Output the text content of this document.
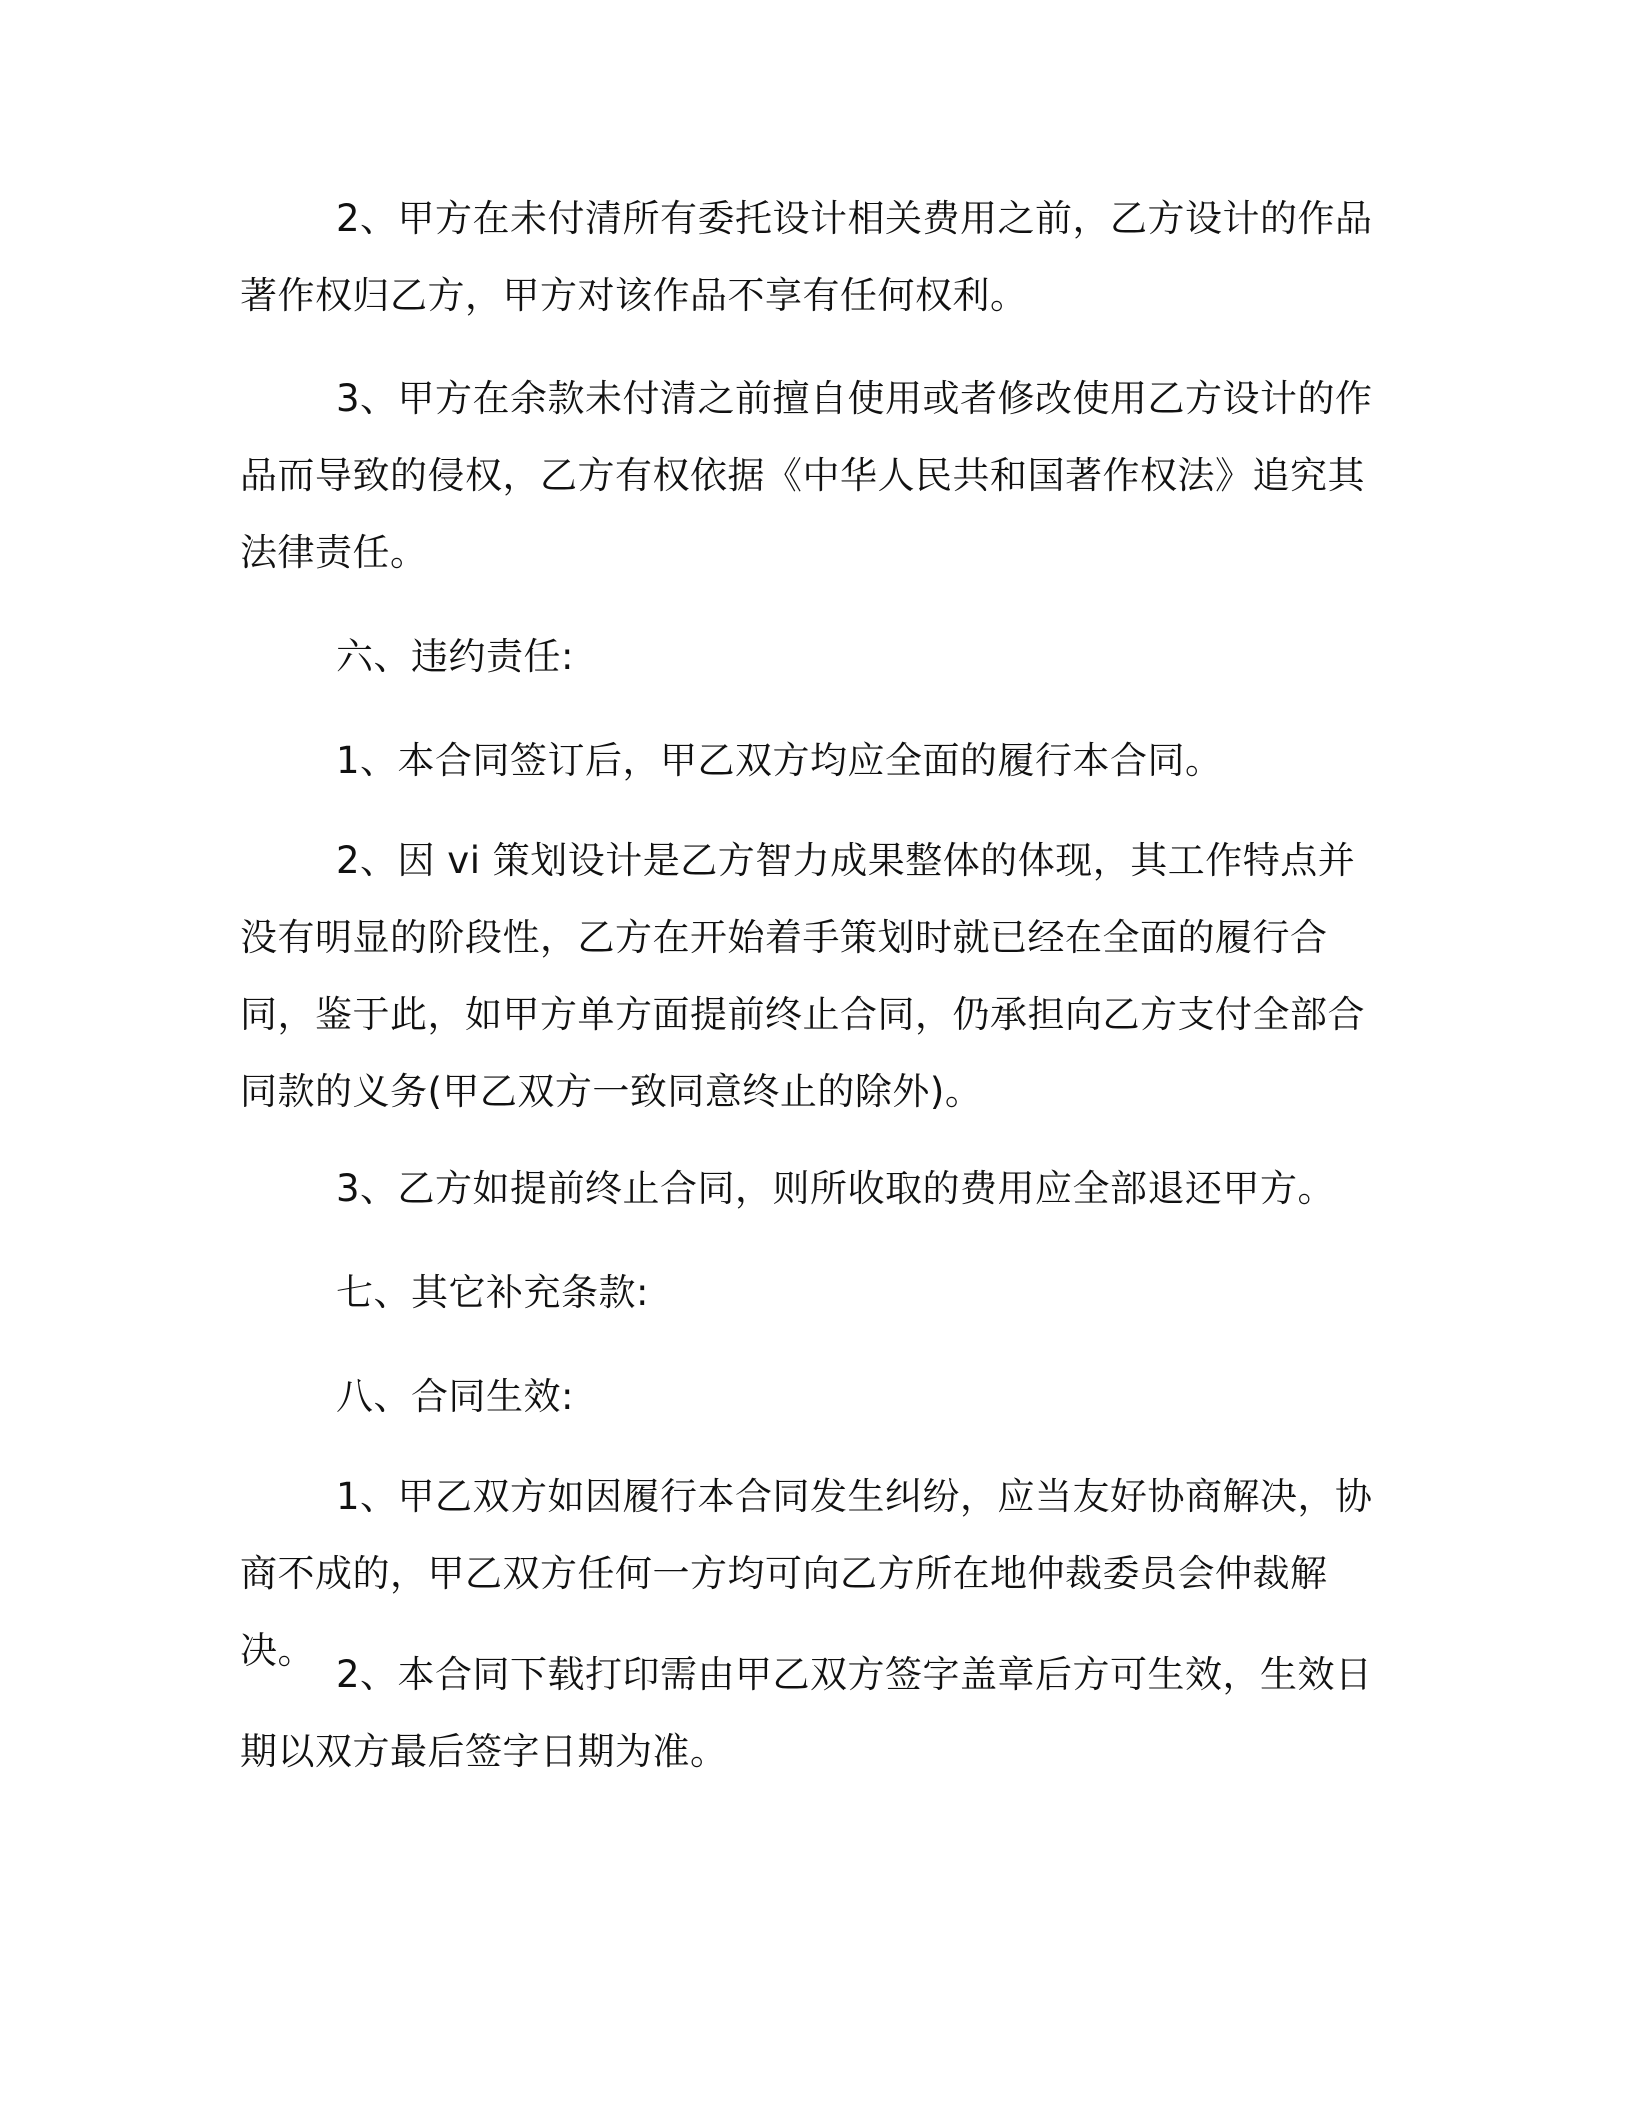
2、甲方在未付清所有委托设计相关费用之前，乙方设计的作品著作权归乙方，甲方对该作品不享有任何权利。

3、甲方在余款未付清之前擅自使用或者修改使用乙方设计的作品而导致的侵权，乙方有权依据《中华人民共和国著作权法》追究其法律责任。

六、违约责任:

1、本合同签订后，甲乙双方均应全面的履行本合同。

2、因 vi 策划设计是乙方智力成果整体的体现，其工作特点并没有明显的阶段性，乙方在开始着手策划时就已经在全面的履行合同，鉴于此，如甲方单方面提前终止合同，仍承担向乙方支付全部合同款的义务(甲乙双方一致同意终止的除外)。

3、乙方如提前终止合同，则所收取的费用应全部退还甲方。

七、其它补充条款:

八、合同生效:

1、甲乙双方如因履行本合同发生纠纷，应当友好协商解决，协商不成的，甲乙双方任何一方均可向乙方所在地仲裁委员会仲裁解决。

2、本合同下载打印需由甲乙双方签字盖章后方可生效，生效日期以双方最后签字日期为准。
